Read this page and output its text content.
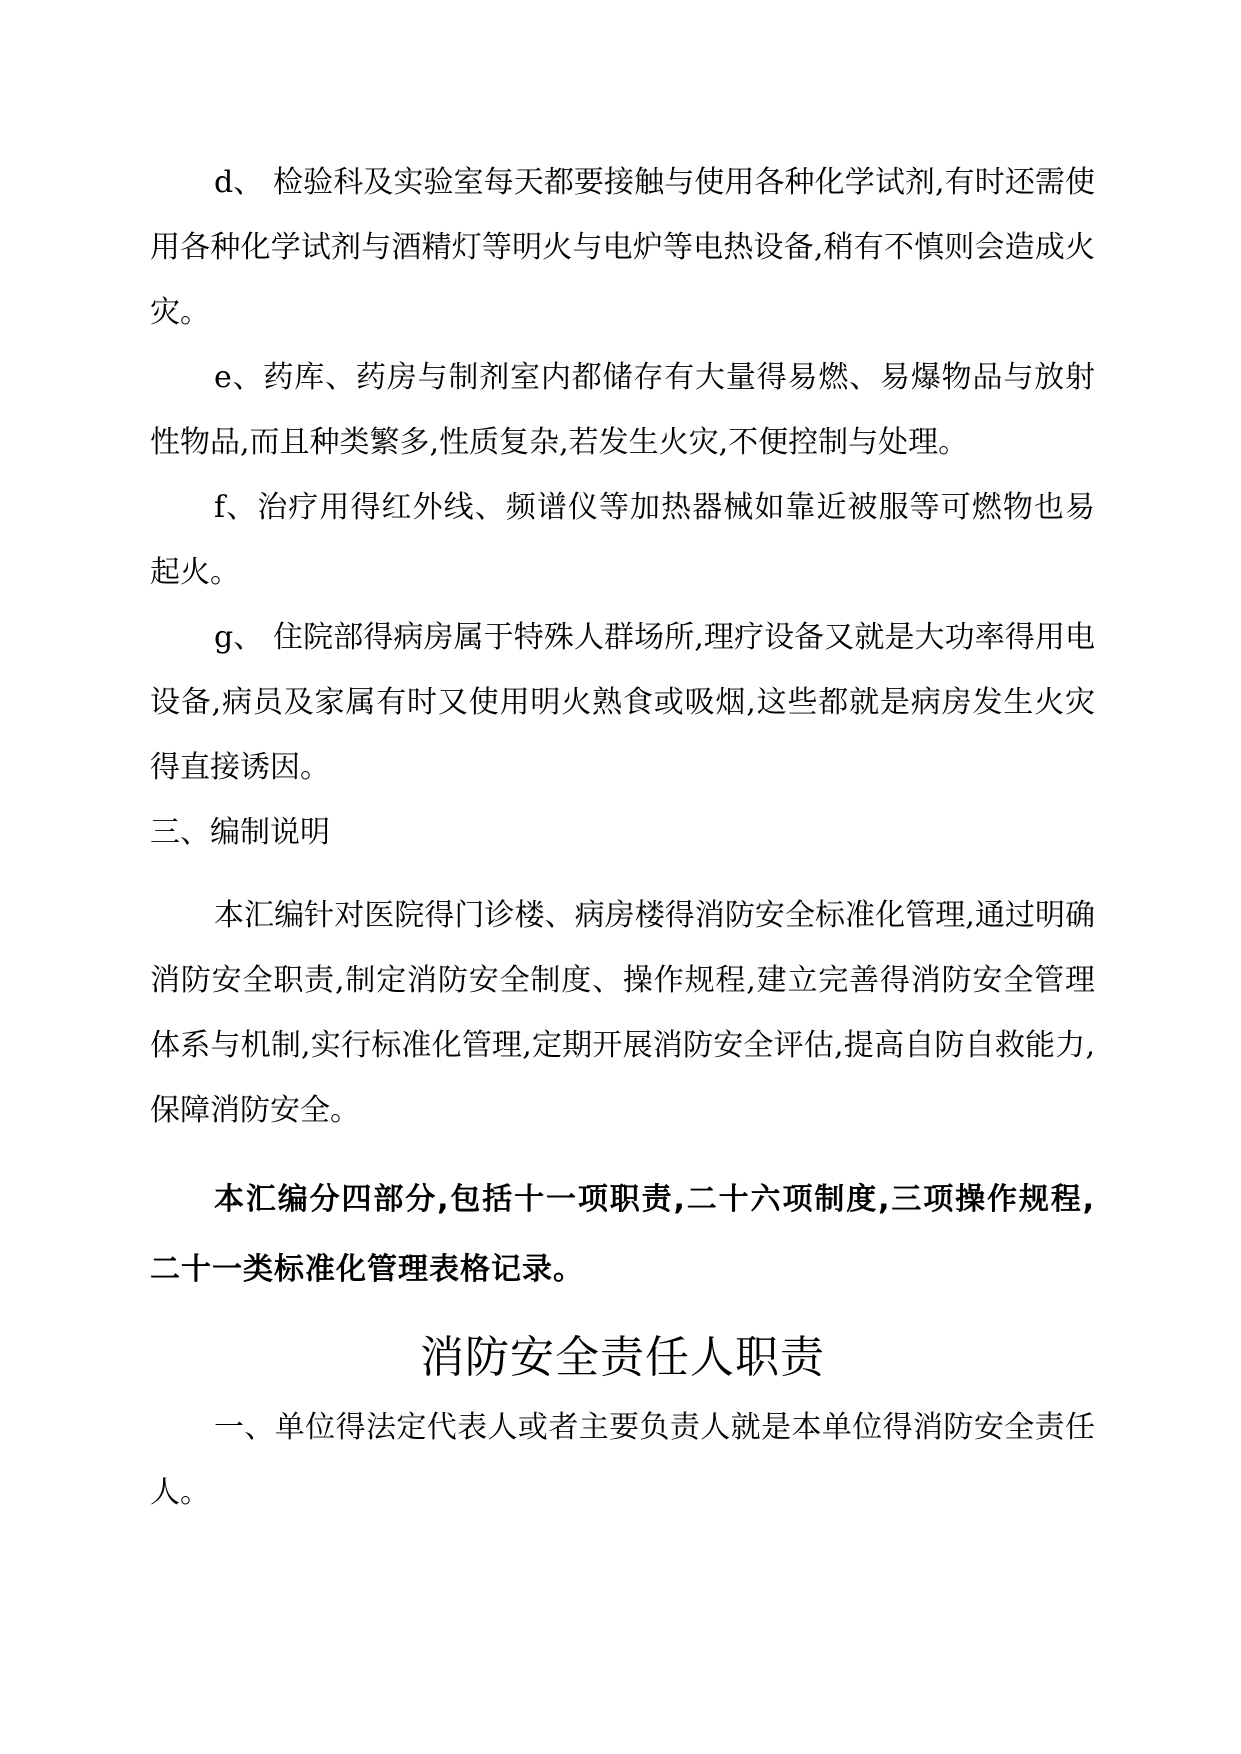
d、 检验科及实验室每天都要接触与使用各种化学试剂,有时还需使用各种化学试剂与酒精灯等明火与电炉等电热设备,稍有不慎则会造成火灾。

e、药库、药房与制剂室内都储存有大量得易燃、易爆物品与放射性物品,而且种类繁多,性质复杂,若发生火灾,不便控制与处理。

f、治疗用得红外线、频谱仪等加热器械如靠近被服等可燃物也易起火。

g、 住院部得病房属于特殊人群场所,理疗设备又就是大功率得用电设备,病员及家属有时又使用明火熟食或吸烟,这些都就是病房发生火灾得直接诱因。

三、编制说明

本汇编针对医院得门诊楼、病房楼得消防安全标准化管理,通过明确消防安全职责,制定消防安全制度、操作规程,建立完善得消防安全管理体系与机制,实行标准化管理,定期开展消防安全评估,提高自防自救能力,保障消防安全。

本汇编分四部分,包括十一项职责,二十六项制度,三项操作规程,二十一类标准化管理表格记录。

消防安全责任人职责

一、单位得法定代表人或者主要负责人就是本单位得消防安全责任人。
